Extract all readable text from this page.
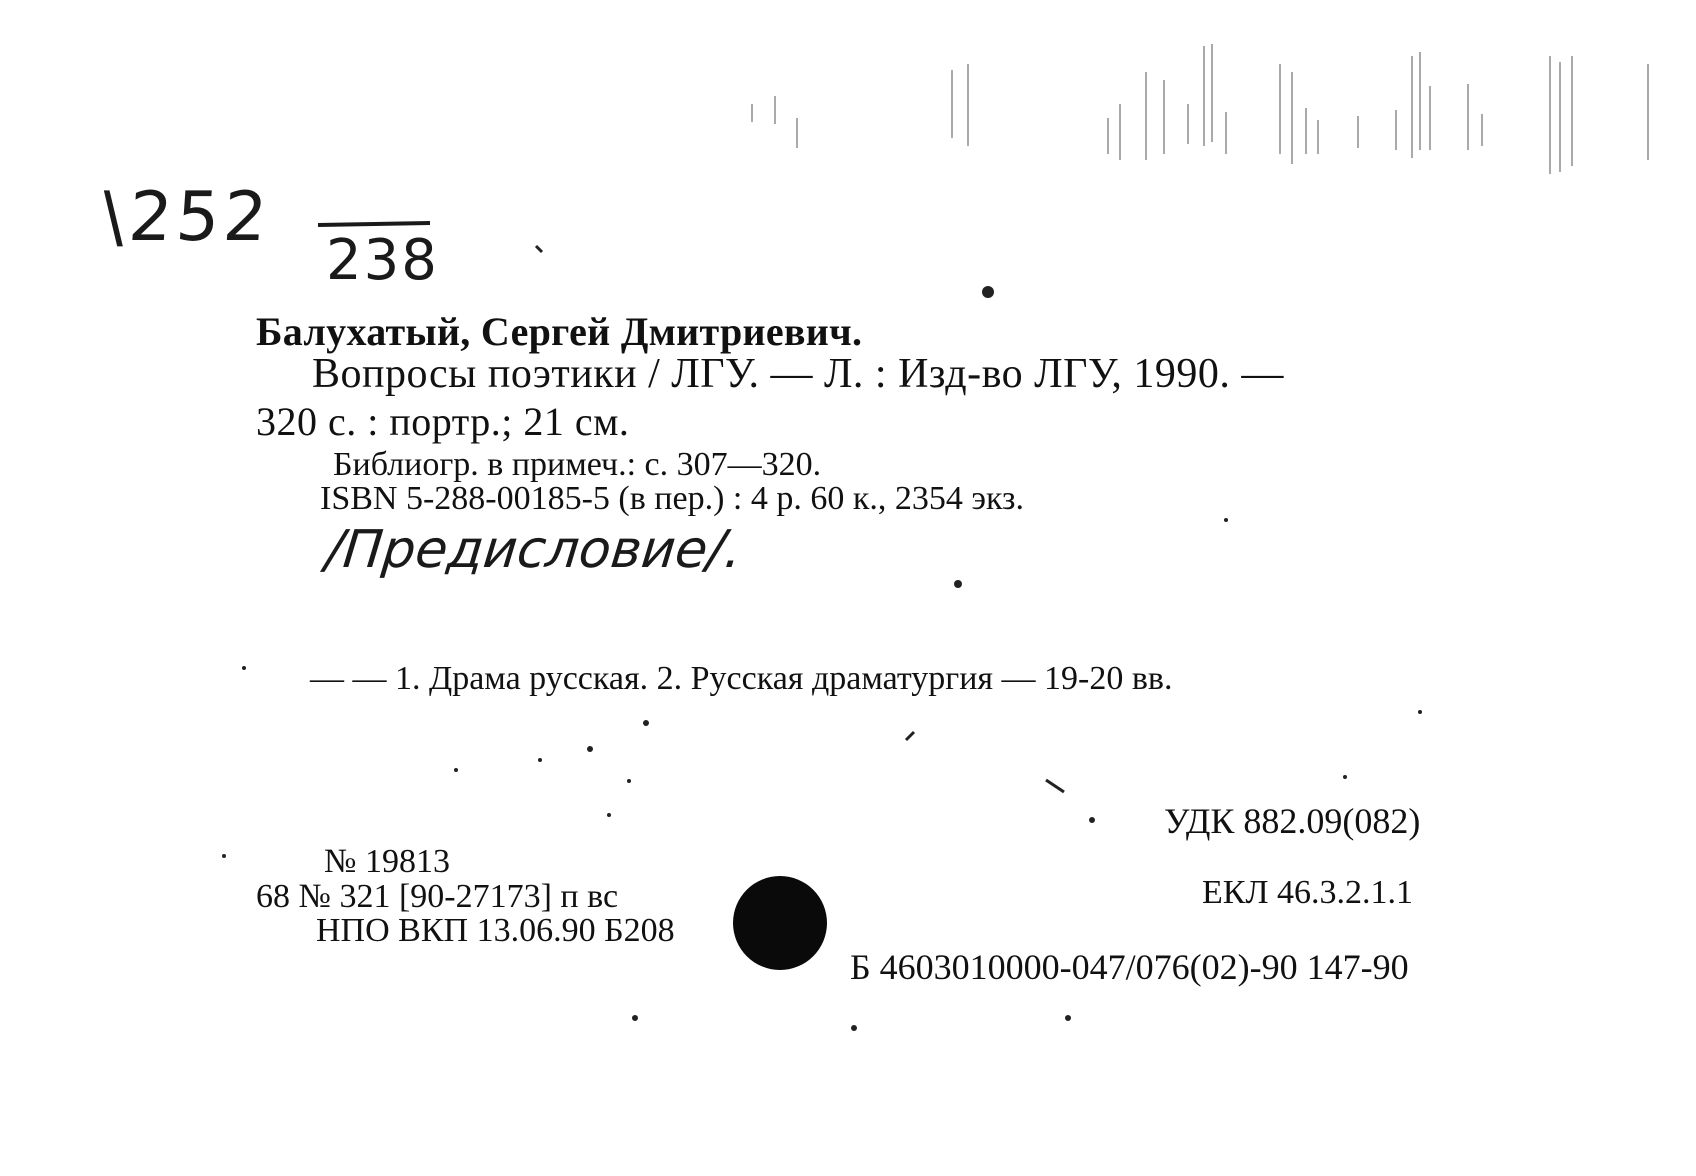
\252
238
Балухатый, Сергей Дмитриевич.
Вопросы поэтики / ЛГУ. — Л. : Изд-во ЛГУ, 1990. —
320 с. : портр.; 21 см.
Библиогр. в примеч.: с. 307—320.
ISBN 5-288-00185-5 (в пер.) : 4 р. 60 к., 2354 экз.
/Предисловие/.
— — 1. Драма русская. 2. Русская драматургия — 19-20 вв.
УДК 882.09(082)
ЕКЛ 46.3.2.1.1
№ 19813
68 № 321 [90-27173] п вс
НПО ВКП 13.06.90 Б208
Б 4603010000-047/076(02)-90 147-90
